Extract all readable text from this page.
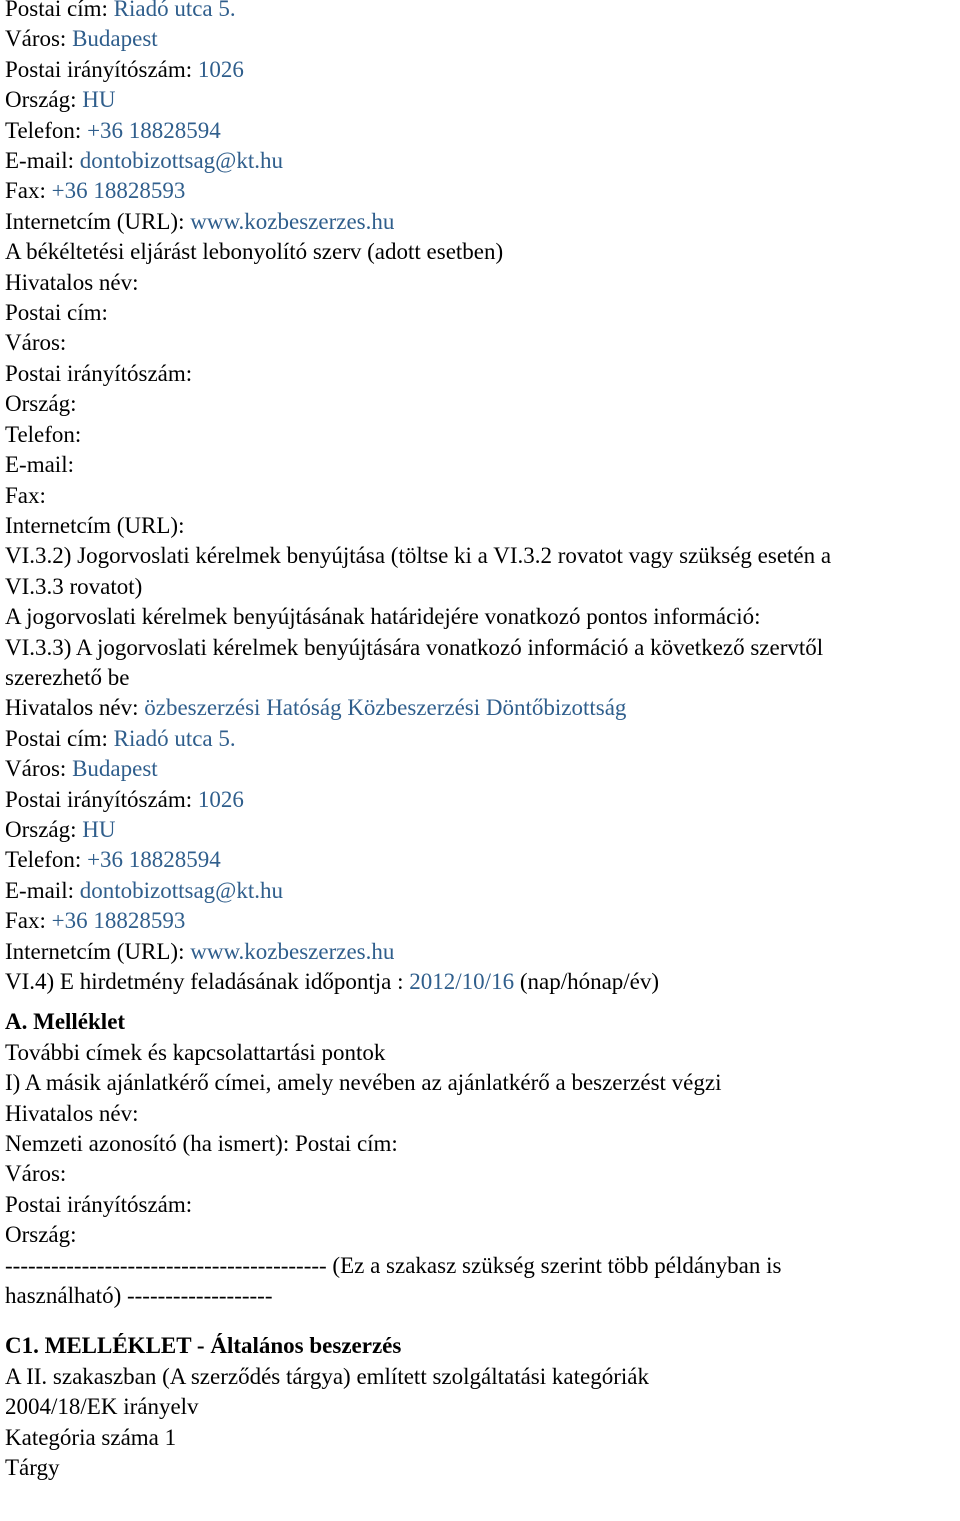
Postai cím: Riadó utca 5.
Város: Budapest
Postai irányítószám: 1026
Ország: HU
Telefon: +36 18828594
E-mail: dontobizottsag@kt.hu
Fax: +36 18828593
Internetcím (URL): www.kozbeszerzes.hu
A békéltetési eljárást lebonyolító szerv (adott esetben)
Hivatalos név:
Postai cím:
Város:
Postai irányítószám:
Ország:
Telefon:
E-mail:
Fax:
Internetcím (URL):
VI.3.2) Jogorvoslati kérelmek benyújtása (töltse ki a VI.3.2 rovatot vagy szükség esetén a
VI.3.3 rovatot)
A jogorvoslati kérelmek benyújtásának határidejére vonatkozó pontos információ:
VI.3.3) A jogorvoslati kérelmek benyújtására vonatkozó információ a következő szervtől
szerezhető be
Hivatalos név: özbeszerzési Hatóság Közbeszerzési Döntőbizottság
Postai cím: Riadó utca 5.
Város: Budapest
Postai irányítószám: 1026
Ország: HU
Telefon: +36 18828594
E-mail: dontobizottsag@kt.hu
Fax: +36 18828593
Internetcím (URL): www.kozbeszerzes.hu
VI.4) E hirdetmény feladásának időpontja : 2012/10/16 (nap/hónap/év)
A. Melléklet
További címek és kapcsolattartási pontok
I) A másik ajánlatkérő címei, amely nevében az ajánlatkérő a beszerzést végzi
Hivatalos név:
Nemzeti azonosító (ha ismert): Postai cím:
Város:
Postai irányítószám:
Ország:
------------------------------------------ (Ez a szakasz szükség szerint több példányban is
használható) -------------------
C1. MELLÉKLET - Általános beszerzés
A II. szakaszban (A szerződés tárgya) említett szolgáltatási kategóriák
2004/18/EK irányelv
Kategória száma 1
Tárgy
